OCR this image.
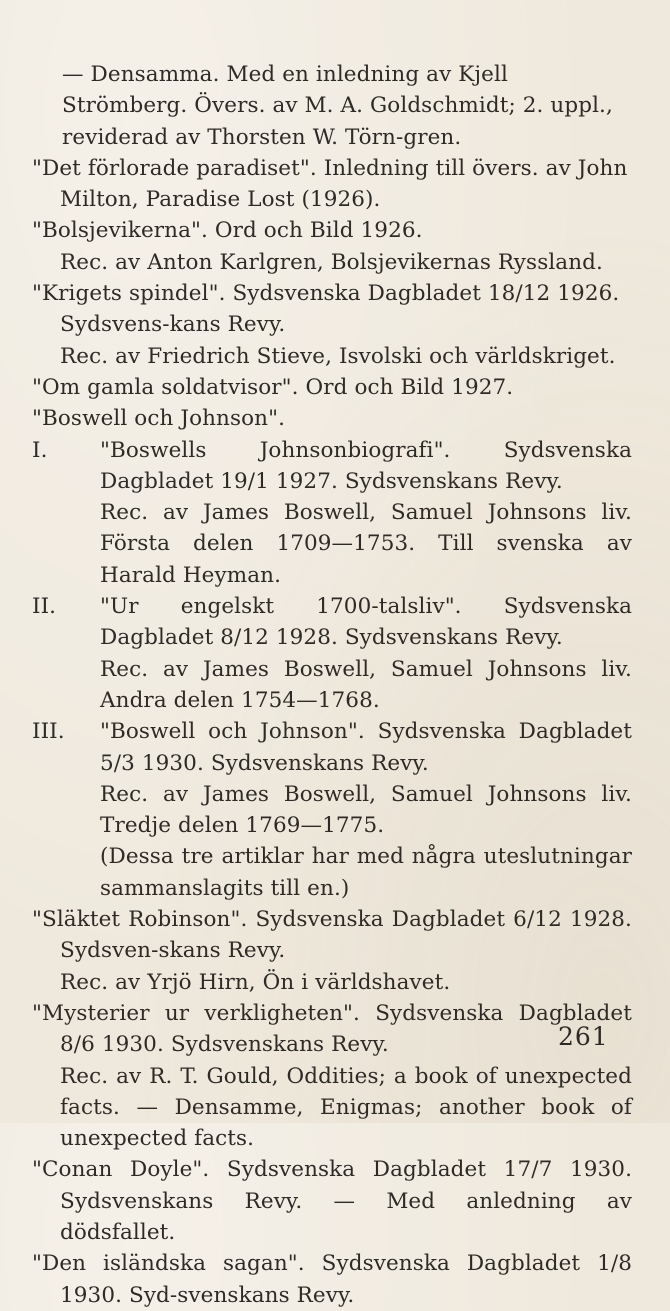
— Densamma. Med en inledning av Kjell Strömberg. Övers. av M. A. Goldschmidt; 2. uppl., reviderad av Thorsten W. Törn-gren.

"Det förlorade paradiset". Inledning till övers. av John Milton, Paradise Lost (1926).

"Bolsjevikerna". Ord och Bild 1926.

Rec. av Anton Karlgren, Bolsjevikernas Ryssland.

"Krigets spindel". Sydsvenska Dagbladet 18/12 1926. Sydsvens-kans Revy.

Rec. av Friedrich Stieve, Isvolski och världskriget.

"Om gamla soldatvisor". Ord och Bild 1927.

"Boswell och Johnson".

I. "Boswells Johnsonbiografi". Sydsvenska Dagbladet 19/1 1927. Sydsvenskans Revy.

Rec. av James Boswell, Samuel Johnsons liv. Första delen 1709—1753. Till svenska av Harald Heyman.

II. "Ur engelskt 1700-talsliv". Sydsvenska Dagbladet 8/12 1928. Sydsvenskans Revy.

Rec. av James Boswell, Samuel Johnsons liv. Andra delen 1754—1768.

III. "Boswell och Johnson". Sydsvenska Dagbladet 5/3 1930. Sydsvenskans Revy.

Rec. av James Boswell, Samuel Johnsons liv. Tredje delen 1769—1775.

(Dessa tre artiklar har med några uteslutningar sammanslagits till en.)

"Släktet Robinson". Sydsvenska Dagbladet 6/12 1928. Sydsven-skans Revy.

Rec. av Yrjö Hirn, Ön i världshavet.

"Mysterier ur verkligheten". Sydsvenska Dagbladet 8/6 1930. Sydsvenskans Revy.

Rec. av R. T. Gould, Oddities; a book of unexpected facts. — Densamme, Enigmas; another book of unexpected facts.

"Conan Doyle". Sydsvenska Dagbladet 17/7 1930. Sydsvenskans Revy. — Med anledning av dödsfallet.

"Den isländska sagan". Sydsvenska Dagbladet 1/8 1930. Syd-svenskans Revy.

261
